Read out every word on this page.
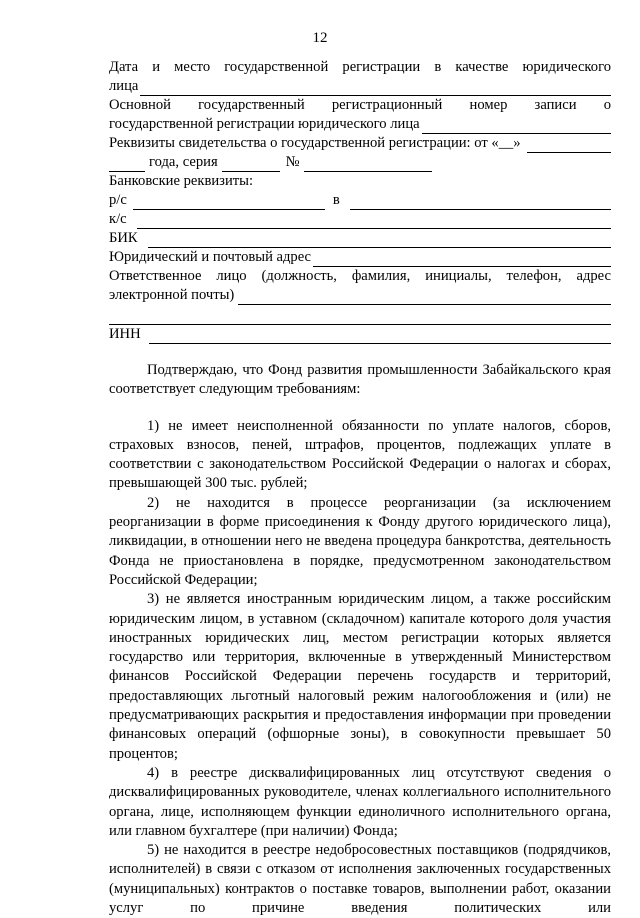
12
Дата и место государственной регистрации в качестве юридического
лица
Основной государственный регистрационный номер записи о
государственной регистрации юридического лица
Реквизиты свидетельства о государственной регистрации: от «__»
года, серия	№
Банковские реквизиты:
р/с	в
к/с
БИК
Юридический и почтовый адрес
Ответственное лицо (должность, фамилия, инициалы, телефон, адрес
электронной почты)
ИНН

Подтверждаю, что Фонд развития промышленности Забайкальского края соответствует следующим требованиям:

1) не имеет неисполненной обязанности по уплате налогов, сборов, страховых взносов, пеней, штрафов, процентов, подлежащих уплате в соответствии с законодательством Российской Федерации о налогах и сборах, превышающей 300 тыс. рублей;

2) не находится в процессе реорганизации (за исключением реорганизации в форме присоединения к Фонду другого юридического лица), ликвидации, в отношении него не введена процедура банкротства, деятельность Фонда не приостановлена в порядке, предусмотренном законодательством Российской Федерации;

3) не является иностранным юридическим лицом, а также российским юридическим лицом, в уставном (складочном) капитале которого доля участия иностранных юридических лиц, местом регистрации которых является государство или территория, включенные в утвержденный Министерством финансов Российской Федерации перечень государств и территорий, предоставляющих льготный налоговый режим налогообложения и (или) не предусматривающих раскрытия и предоставления информации при проведении финансовых операций (офшорные зоны), в совокупности превышает 50 процентов;

4) в реестре дисквалифицированных лиц отсутствуют сведения о дисквалифицированных руководителе, членах коллегиального исполнительного органа, лице, исполняющем функции единоличного исполнительного органа, или главном бухгалтере (при наличии) Фонда;

5) не находится в реестре недобросовестных поставщиков (подрядчиков, исполнителей) в связи с отказом от исполнения заключенных государственных (муниципальных) контрактов о поставке товаров, выполнении работ, оказании услуг по причине введения политических или
